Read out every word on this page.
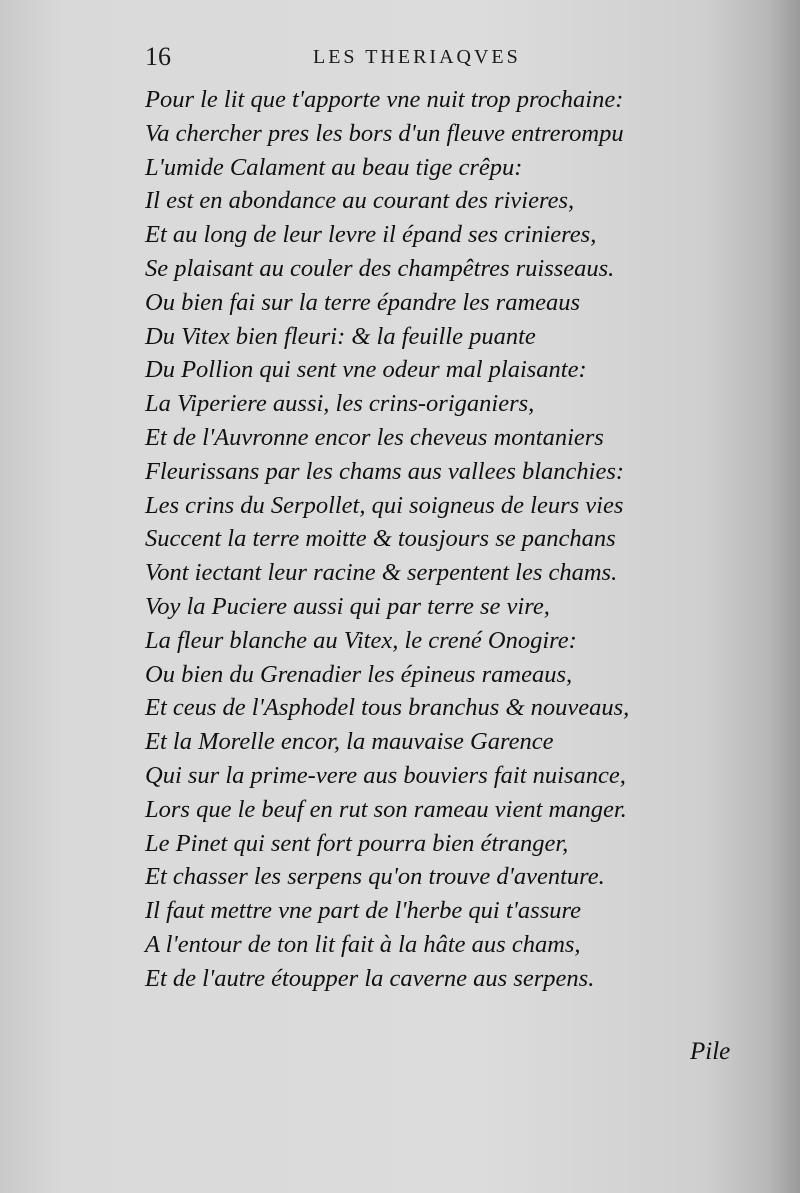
16	LES THERIAQVES
Pour le lit que t'apporte vne nuit trop prochaine:
Va chercher pres les bors d'un fleuve entrerompu
L'umide Calament au beau tige crêpu:
Il est en abondance au courant des rivieres,
Et au long de leur levre il épand ses crinieres,
Se plaisant au couler des champêtres ruisseaus.
Ou bien fai sur la terre épandre les rameaus
Du Vitex bien fleuri: & la feuille puante
Du Pollion qui sent vne odeur mal plaisante:
La Viperiere aussi, les crins-origaniers,
Et de l'Auvronne encor les cheveus montaniers
Fleurissans par les chams aus vallees blanchies:
Les crins du Serpollet, qui soigneus de leurs vies
Succent la terre moitte & tousjours se panchans
Vont iectant leur racine & serpentent les chams.
Voy la Puciere aussi qui par terre se vire,
La fleur blanche au Vitex, le crené Onogire:
Ou bien du Grenadier les épineus rameaus,
Et ceus de l'Asphodel tous branchus & nouveaus,
Et la Morelle encor, la mauvaise Garence
Qui sur la prime-vere aus bouviers fait nuisance,
Lors que le beuf en rut son rameau vient manger.
Le Pinet qui sent fort pourra bien étranger,
Et chasser les serpens qu'on trouve d'aventure.
Il faut mettre vne part de l'herbe qui t'assure
A l'entour de ton lit fait à la hâte aus chams,
Et de l'autre étoupper la caverne aus serpens.
Pile
